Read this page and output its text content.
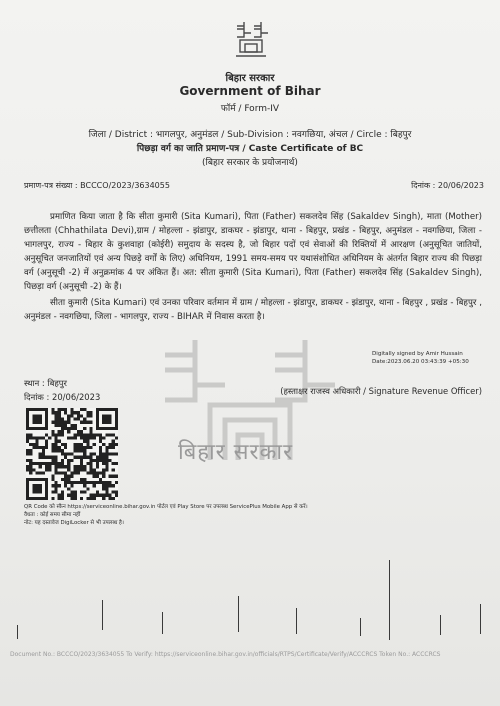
बिहार सरकार
बिहार सरकार
Government of Bihar
फॉर्म / Form-IV
जिला / District : भागलपुर, अनुमंडल / Sub-Division : नवगछिया, अंचल / Circle : बिहपुर
पिछड़ा वर्ग का जाति प्रमाण-पत्र / Caste Certificate of BC
(बिहार सरकार के प्रयोजनार्थ)
प्रमाण-पत्र संख्या : BCCCO/2023/3634055	दिनांक : 20/06/2023
प्रमाणित किया जाता है कि सीता कुमारी (Sita Kumari), पिता (Father) सकलदेव सिंह (Sakaldev Singh), माता (Mother) छत्तीलता (Chhathilata Devi),ग्राम / मोहल्ला - झंडापुर, डाकघर - झंडापुर, थाना - बिहपुर, प्रखंड - बिहपुर, अनुमंडल - नवगछिया, जिला - भागलपुर, राज्य - बिहार के कुशवाहा (कोईरी) समुदाय के सदस्य है, जो बिहार पदों एवं सेवाओं की रिक्तियों में आरक्षण (अनुसूचित जातियों, अनुसूचित जनजातियों एवं अन्य पिछड़े वर्गों के लिए) अधिनियम, 1991 समय-समय पर यथासंशोधित अधिनियम के अंतर्गत बिहार राज्य की पिछड़ा वर्ग (अनुसूची -2) में अनुक्रमांक 4 पर अंकित हैं। अत: सीता कुमारी (Sita Kumari), पिता (Father) सकलदेव सिंह (Sakaldev Singh), पिछड़ा वर्ग (अनुसूची -2) के हैं।
सीता कुमारी (Sita Kumari) एवं उनका परिवार वर्तमान में ग्राम / मोहल्ला - झंडापुर, डाकघर - झंडापुर, थाना - बिहपुर , प्रखंड - बिहपुर , अनुमंडल - नवगछिया, जिला - भागलपुर, राज्य - BIHAR में निवास करता है।
Digitally signed by Amir Hussain
Date:2023.06.20 03:43:39 +05:30
स्थान : बिहपुर
दिनांक : 20/06/2023
(हस्ताक्षर राजस्व अधिकारी / Signature Revenue Officer)
QR Code को स्कैन https://serviceonline.bihar.gov.in पोर्टल एवं Play Store पर उपलब्ध ServicePlus Mobile App से करें।
वैधता : कोई समय सीमा नहीं
नोट: यह दस्तावेज DigiLocker से भी उपलब्ध है।
Document No.: BCCCO/2023/3634055 To Verify: https://serviceonline.bihar.gov.in/officials/RTPS/Certificate/Verify/ACCCRCS Token No.: ACCCRCS
